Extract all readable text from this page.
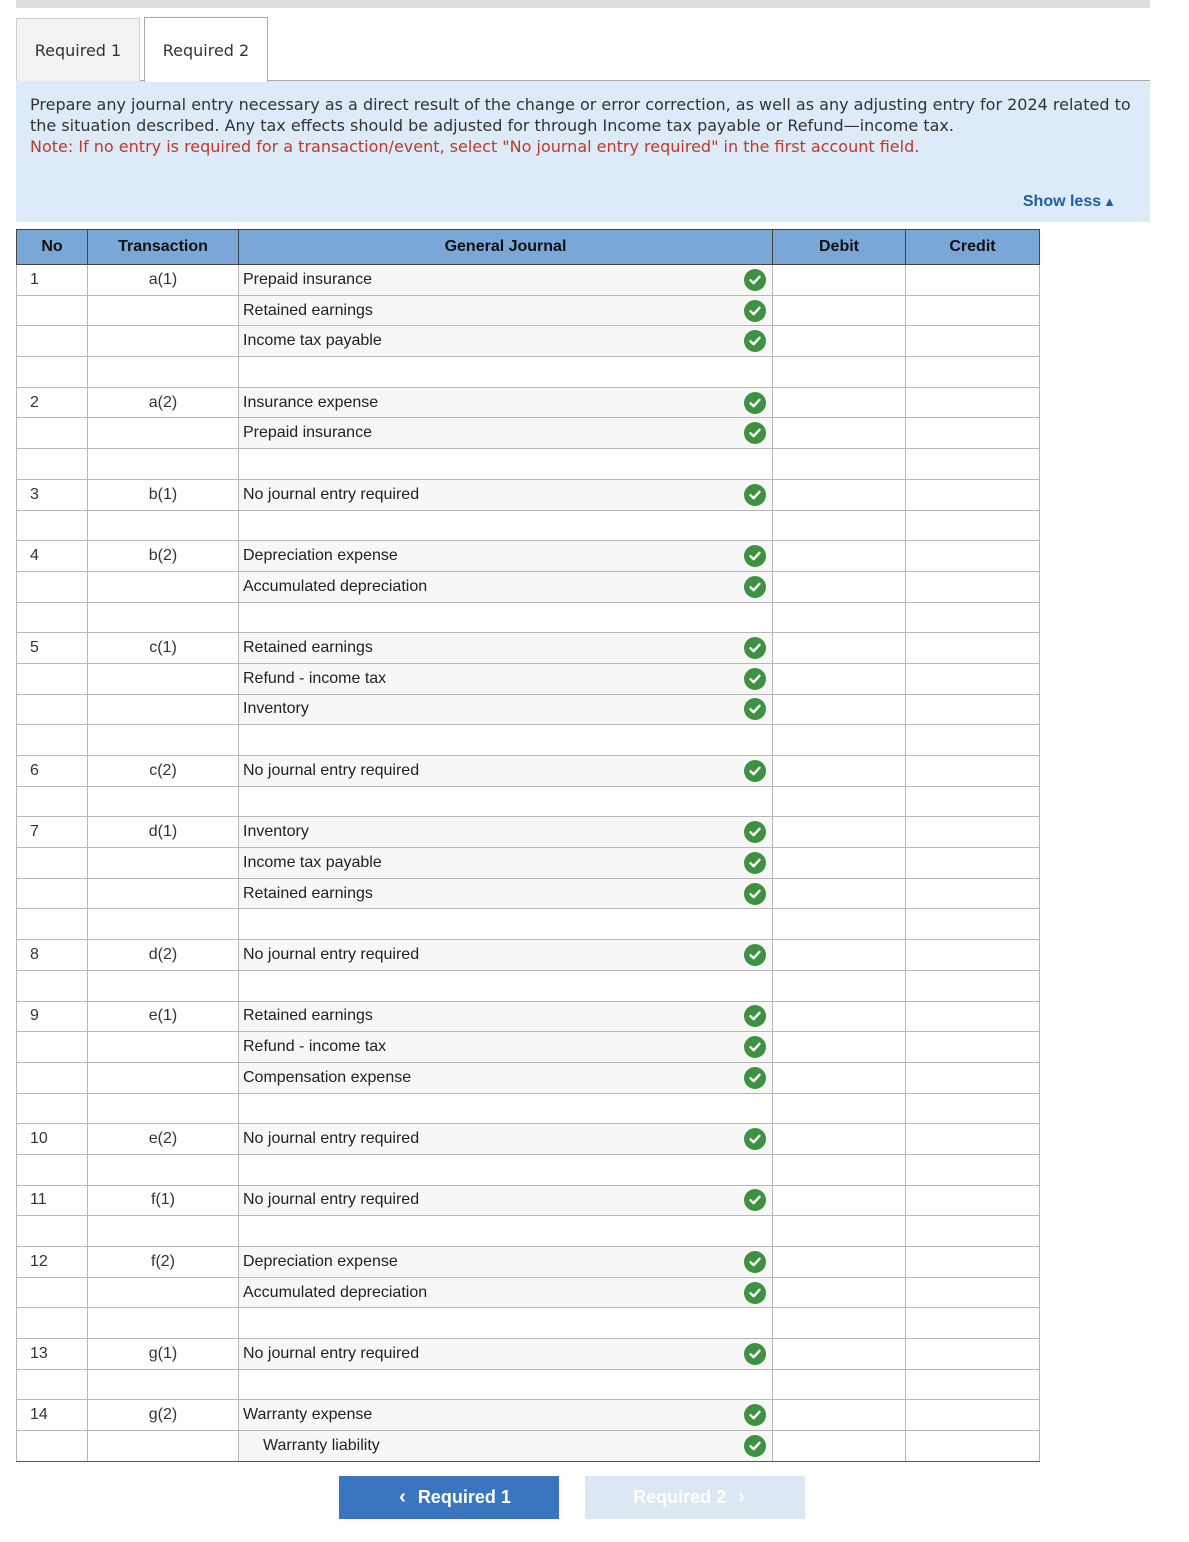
Required 1	Required 2
Prepare any journal entry necessary as a direct result of the change or error correction, as well as any adjusting entry for 2024 related to the situation described. Any tax effects should be adjusted for through Income tax payable or Refund—income tax.
Note: If no entry is required for a transaction/event, select "No journal entry required" in the first account field.
Show less ▲
No	Transaction	General Journal	Debit	Credit
1	a(1)	Prepaid insurance		

		Retained earnings		

		Income tax payable		

2	a(2)	Insurance expense		

		Prepaid insurance		

3	b(1)	No journal entry required		

4	b(2)	Depreciation expense		

		Accumulated depreciation		

5	c(1)	Retained earnings		

		Refund - income tax		

		Inventory		

6	c(2)	No journal entry required		

7	d(1)	Inventory		

		Income tax payable		

		Retained earnings		

8	d(2)	No journal entry required		

9	e(1)	Retained earnings		

		Refund - income tax		

		Compensation expense		

10	e(2)	No journal entry required		

11	f(1)	No journal entry required		

12	f(2)	Depreciation expense		

		Accumulated depreciation		

13	g(1)	No journal entry required		

14	g(2)	Warranty expense		

		Warranty liability		

‹ Required 1	Required 2 ›
